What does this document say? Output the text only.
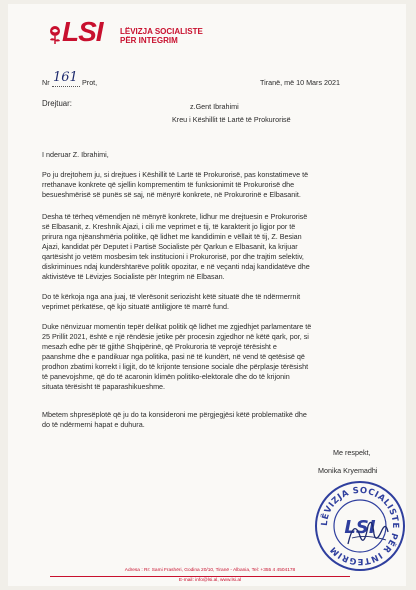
LSI LËVIZJA SOCIALISTE
PËR INTEGRIM
Nr 161 Prot,	Tiranë, më 10 Mars 2021
Drejtuar:	z.Gent Ibrahimi
Kreu i Këshillit të Lartë të Prokurorisë
I nderuar Z. Ibrahimi,
Po ju drejtohem ju, si drejtues i Këshillit të Lartë të Prokurorisë, pas konstatimeve të
rrethanave konkrete që sjellin komprementim të funksionimit të Prokurorisë dhe
besueshmërisë së punës së saj, në mënyrë konkrete, në Prokurorinë e Elbasanit.
Desha të tërheq vëmendjen në mënyrë konkrete, lidhur me drejtuesin e Prokurorisë
së Elbasanit, z. Kreshnik Ajazi, i cili me veprimet e tij, të karakterit jo ligjor por të
prirura nga njëanshmëria politike, që lidhet me kandidimin e vëllait të tij, Z. Besian
Ajazi, kandidat për Deputet i Partisë Socialiste për Qarkun e Elbasanit, ka krijuar
qartësisht jo vetëm mosbesim tek institucioni i Prokurorisë, por dhe trajtim selektiv,
diskriminues ndaj kundërshtarëve politik opozitar, e në veçanti ndaj kandidatëve dhe
aktivistëve të Lëvizjes Socialiste për Integrim në Elbasan.
Do të kërkoja nga ana juaj, të vlerësonit seriozisht këtë situatë dhe të ndërmerrnit
veprimet përkatëse, që kjo situatë antiligjore të marrë fund.
Duke nënvizuar momentin tepër delikat politik që lidhet me zgjedhjet parlamentare të
25 Prillit 2021, është e një rëndësie jetike për procesin zgjedhor në këtë qark, por, si
mesazh edhe për të gjithë Shqipërinë, që Prokuroria të veprojë tërësisht e
paanshme dhe e pandikuar nga politika, pasi në të kundërt, në vend të qetësisë që
prodhon zbatimi korrekt i ligjit, do të krijonte tensione sociale dhe përplasje tërësisht
të panevojshme, që do të acaronin klimën politiko-elektorale dhe do të krijonin
situata tërësisht të paparashikueshme.
Mbetem shpresëplotë që ju do ta konsideroni me përgjegjësi këtë problematikë dhe
do të ndërmerni hapat e duhura.
Me respekt,
Monika Kryemadhi
LËVIZJA SOCIALISTE PËR INTEGRIM
LSI
Adresa : Rr: Sami Frashëri, Godina 20/10, Tiranë - Albania, Tel: +355 4 4504178
E-mail: info@lsi.al, www.lsi.al
